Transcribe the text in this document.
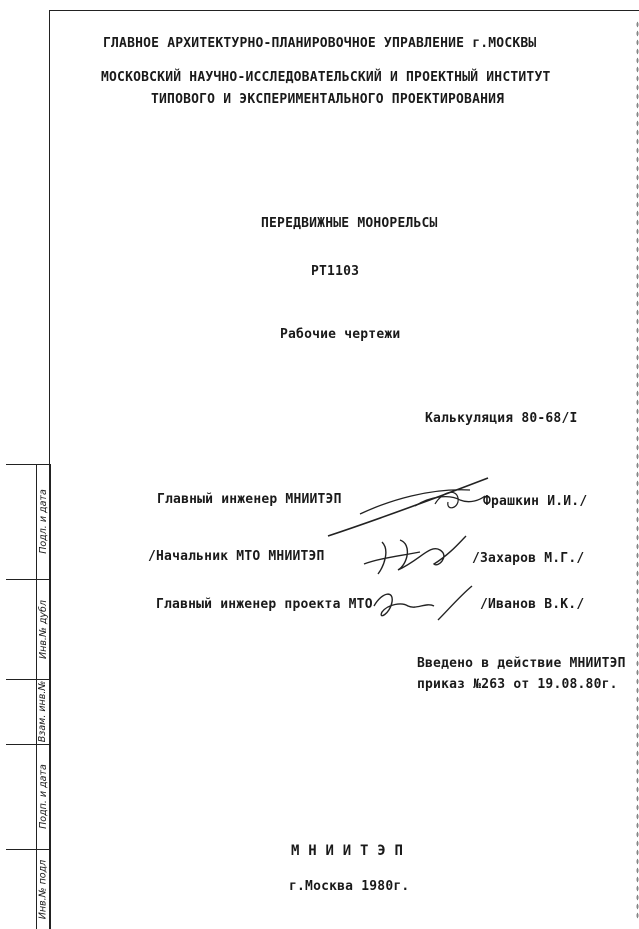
ГЛАВНОЕ АРХИТЕКТУРНО-ПЛАНИРОВОЧНОЕ УПРАВЛЕНИЕ г.МОСКВЫ
МОСКОВСКИЙ НАУЧНО-ИССЛЕДОВАТЕЛЬСКИЙ И ПРОЕКТНЫЙ ИНСТИТУТ
ТИПОВОГО И ЭКСПЕРИМЕНТАЛЬНОГО ПРОЕКТИРОВАНИЯ
ПЕРЕДВИЖНЫЕ МОНОРЕЛЬСЫ
РТ1103
Рабочие чертежи
Калькуляция 80-68/I
Главный инженер МНИИТЭП	Фрашкин И.И./
/Начальник МТО МНИИТЭП	/Захаров М.Г./
Главный инженер проекта МТО	/Иванов В.К./
Введено в действие МНИИТЭП
приказ №263 от 19.08.80г.
М Н И И Т Э П
г.Москва 1980г.
Подл. и дата
Инв.№ дубл
Взам. инв.№
Подп. и дата
Инв.№ подл
